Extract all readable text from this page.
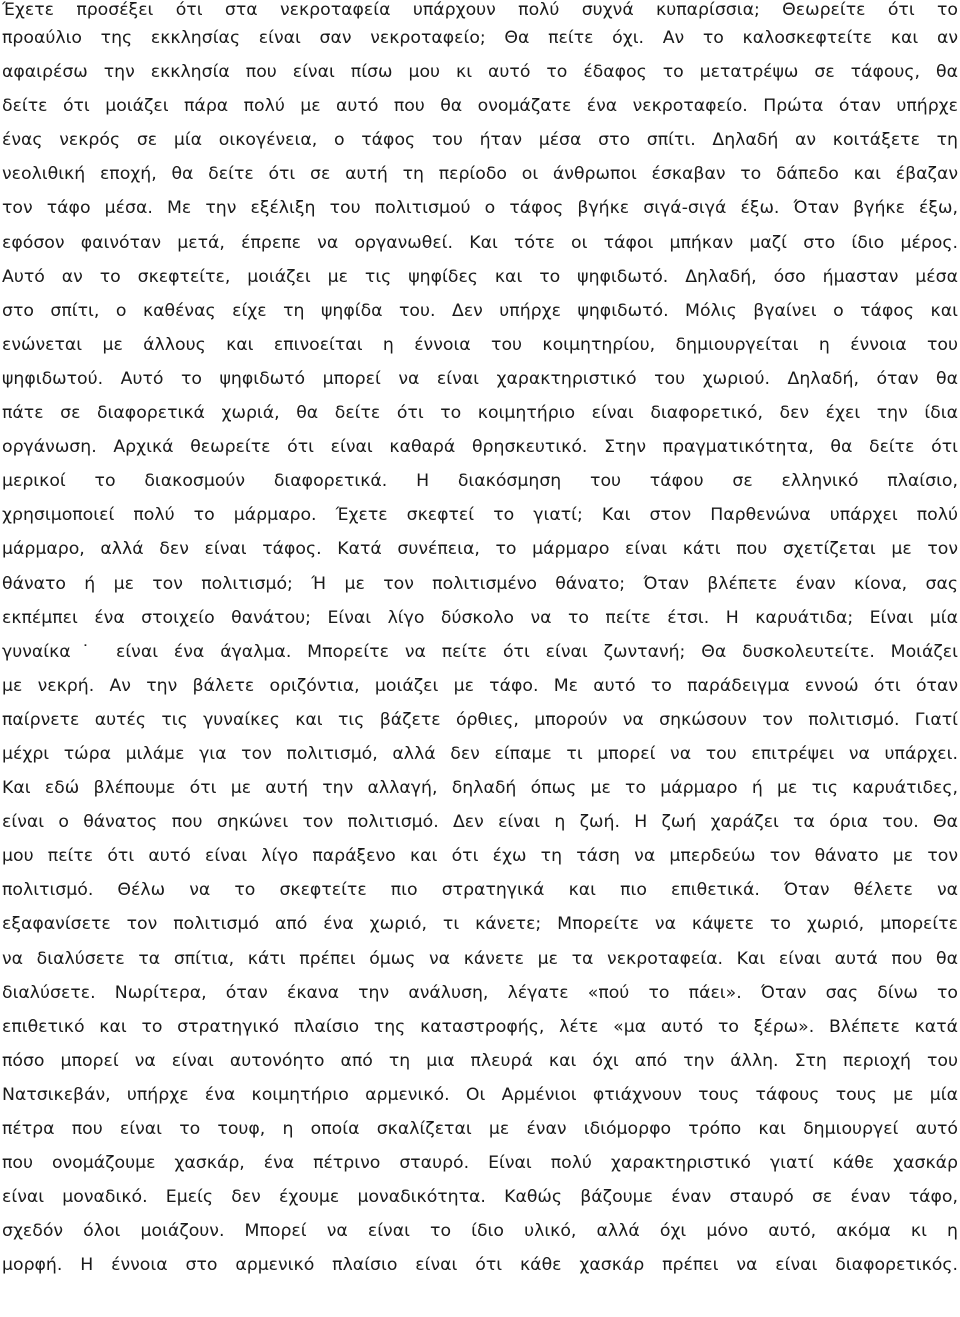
Έχετε προσέξει ότι στα νεκροταφεία υπάρχουν πολύ συχνά κυπαρίσσια; Θεωρείτε ότι το
προαύλιο της εκκλησίας είναι σαν νεκροταφείο; Θα πείτε όχι. Αν το καλοσκεφτείτε και αν
αφαιρέσω την εκκλησία που είναι πίσω μου κι αυτό το έδαφος το μετατρέψω σε τάφους, θα
δείτε ότι μοιάζει πάρα πολύ με αυτό που θα ονομάζατε ένα νεκροταφείο. Πρώτα όταν υπήρχε
ένας νεκρός σε μία οικογένεια, ο τάφος του ήταν μέσα στο σπίτι. Δηλαδή αν κοιτάξετε τη
νεολιθική εποχή, θα δείτε ότι σε αυτή τη περίοδο οι άνθρωποι έσκαβαν το δάπεδο και έβαζαν
τον τάφο μέσα. Με την εξέλιξη του πολιτισμού ο τάφος βγήκε σιγά-σιγά έξω. Όταν βγήκε έξω,
εφόσον φαινόταν μετά, έπρεπε να οργανωθεί. Και τότε οι τάφοι μπήκαν μαζί στο ίδιο μέρος.
Αυτό αν το σκεφτείτε, μοιάζει με τις ψηφίδες και το ψηφιδωτό. Δηλαδή, όσο ήμασταν μέσα
στο σπίτι, ο καθένας είχε τη ψηφίδα του. Δεν υπήρχε ψηφιδωτό. Μόλις βγαίνει ο τάφος και
ενώνεται με άλλους και επινοείται η έννοια του κοιμητηρίου, δημιουργείται η έννοια του
ψηφιδωτού. Αυτό το ψηφιδωτό μπορεί να είναι χαρακτηριστικό του χωριού. Δηλαδή, όταν θα
πάτε σε διαφορετικά χωριά, θα δείτε ότι το κοιμητήριο είναι διαφορετικό, δεν έχει την ίδια
οργάνωση. Αρχικά θεωρείτε ότι είναι καθαρά θρησκευτικό. Στην πραγματικότητα, θα δείτε ότι
μερικοί το διακοσμούν διαφορετικά. Η διακόσμηση του τάφου σε ελληνικό πλαίσιο,
χρησιμοποιεί πολύ το μάρμαρο. Έχετε σκεφτεί το γιατί; Και στον Παρθενώνα υπάρχει πολύ
μάρμαρο, αλλά δεν είναι τάφος. Κατά συνέπεια, το μάρμαρο είναι κάτι που σχετίζεται με τον
θάνατο ή με τον πολιτισμό; Ή με τον πολιτισμένο θάνατο; Όταν βλέπετε έναν κίονα, σας
εκπέμπει ένα στοιχείο θανάτου; Είναι λίγο δύσκολο να το πείτε έτσι. Η καρυάτιδα; Είναι μία
γυναίκα˙ είναι ένα άγαλμα. Μπορείτε να πείτε ότι είναι ζωντανή; Θα δυσκολευτείτε. Μοιάζει
με νεκρή. Αν την βάλετε οριζόντια, μοιάζει με τάφο. Με αυτό το παράδειγμα εννοώ ότι όταν
παίρνετε αυτές τις γυναίκες και τις βάζετε όρθιες, μπορούν να σηκώσουν τον πολιτισμό. Γιατί
μέχρι τώρα μιλάμε για τον πολιτισμό, αλλά δεν είπαμε τι μπορεί να του επιτρέψει να υπάρχει.
Και εδώ βλέπουμε ότι με αυτή την αλλαγή, δηλαδή όπως με το μάρμαρο ή με τις καρυάτιδες,
είναι ο θάνατος που σηκώνει τον πολιτισμό. Δεν είναι η ζωή. Η ζωή χαράζει τα όρια του. Θα
μου πείτε ότι αυτό είναι λίγο παράξενο και ότι έχω τη τάση να μπερδεύω τον θάνατο με τον
πολιτισμό. Θέλω να το σκεφτείτε πιο στρατηγικά και πιο επιθετικά. Όταν θέλετε να
εξαφανίσετε τον πολιτισμό από ένα χωριό, τι κάνετε; Μπορείτε να κάψετε το χωριό, μπορείτε
να διαλύσετε τα σπίτια, κάτι πρέπει όμως να κάνετε με τα νεκροταφεία. Και είναι αυτά που θα
διαλύσετε. Νωρίτερα, όταν έκανα την ανάλυση, λέγατε «πού το πάει». Όταν σας δίνω το
επιθετικό και το στρατηγικό πλαίσιο της καταστροφής, λέτε «μα αυτό το ξέρω». Βλέπετε κατά
πόσο μπορεί να είναι αυτονόητο από τη μια πλευρά και όχι από την άλλη. Στη περιοχή του
Νατσικεβάν, υπήρχε ένα κοιμητήριο αρμενικό. Οι Αρμένιοι φτιάχνουν τους τάφους τους με μία
πέτρα που είναι το τουφ, η οποία σκαλίζεται με έναν ιδιόμορφο τρόπο και δημιουργεί αυτό
που ονομάζουμε χασκάρ, ένα πέτρινο σταυρό. Είναι πολύ χαρακτηριστικό γιατί κάθε χασκάρ
είναι μοναδικό. Εμείς δεν έχουμε μοναδικότητα. Καθώς βάζουμε έναν σταυρό σε έναν τάφο,
σχεδόν όλοι μοιάζουν. Μπορεί να είναι το ίδιο υλικό, αλλά όχι μόνο αυτό, ακόμα κι η
μορφή. Η έννοια στο αρμενικό πλαίσιο είναι ότι κάθε χασκάρ πρέπει να είναι διαφορετικός.
